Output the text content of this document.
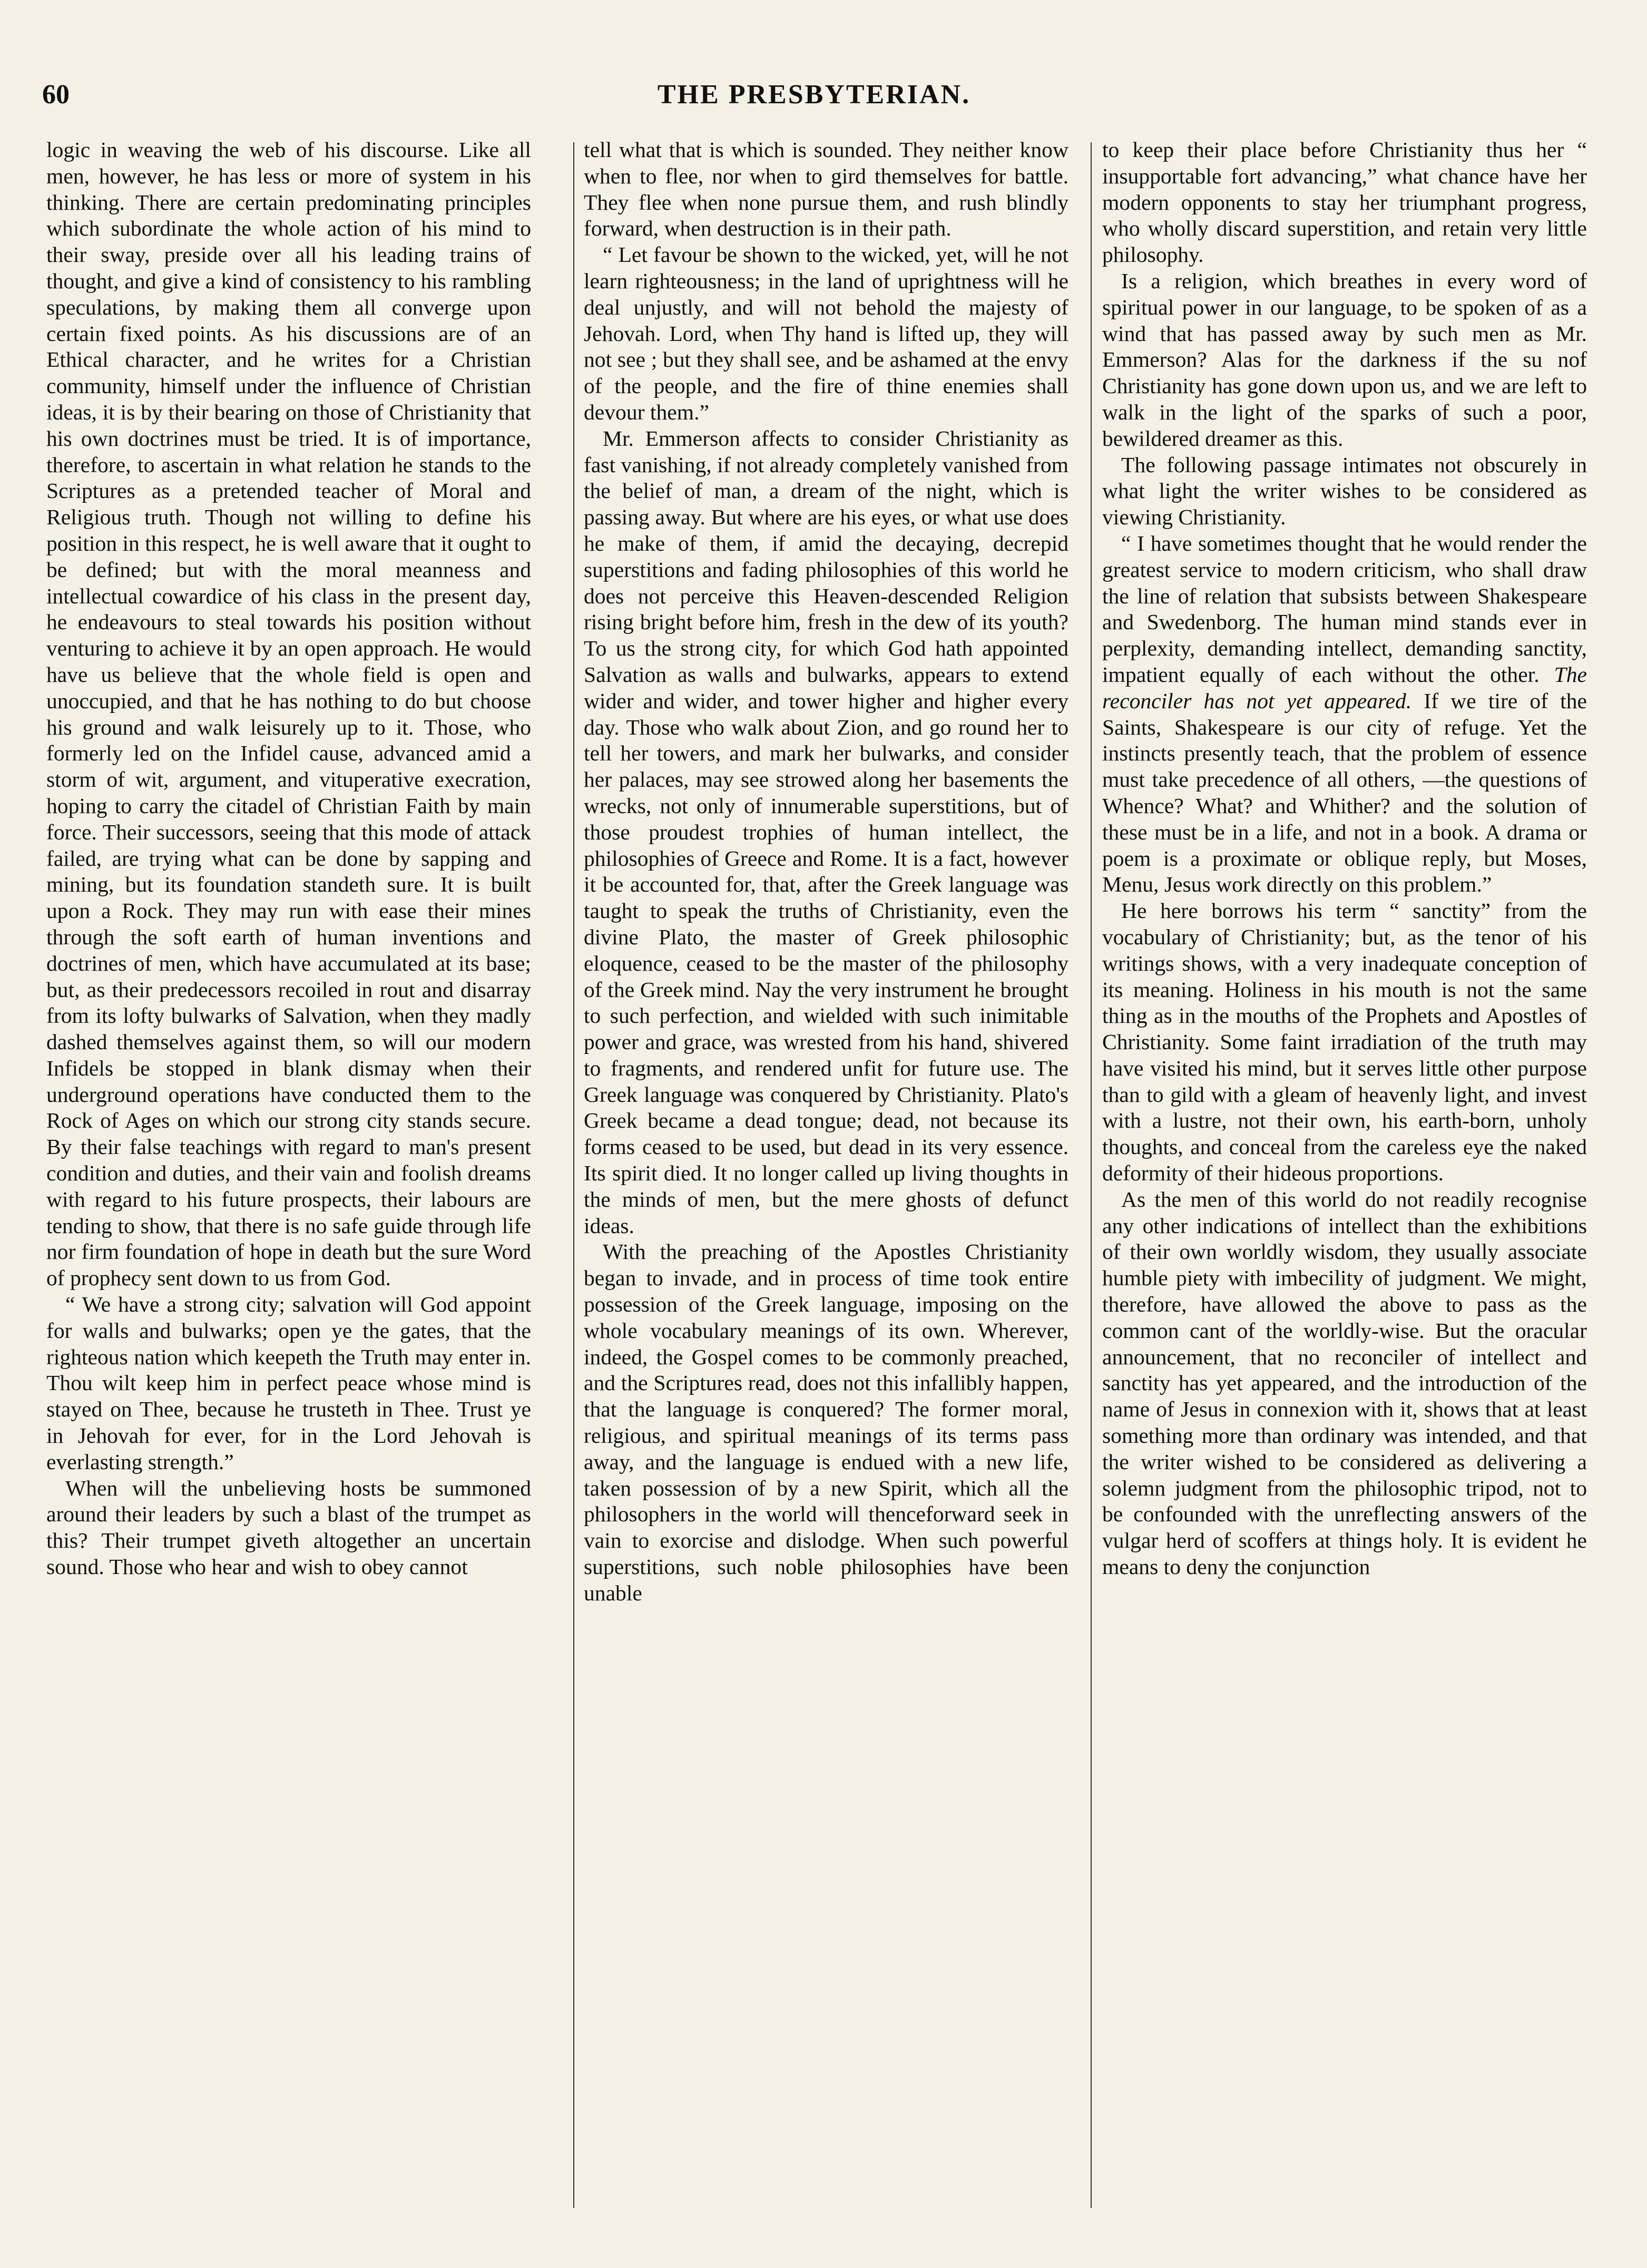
60	THE PRESBYTERIAN.

logic in weaving the web of his discourse. Like all men, however, he has less or more of system in his thinking. There are certain predominating principles which subordinate the whole action of his mind to their sway, preside over all his leading trains of thought, and give a kind of consistency to his rambling speculations, by making them all converge upon certain fixed points. As his discussions are of an Ethical character, and he writes for a Christian community, himself under the influence of Christian ideas, it is by their bearing on those of Christianity that his own doctrines must be tried. It is of importance, therefore, to ascertain in what relation he stands to the Scriptures as a pretended teacher of Moral and Religious truth. Though not willing to define his position in this respect, he is well aware that it ought to be defined; but with the moral meanness and intellectual cowardice of his class in the present day, he endeavours to steal towards his position without venturing to achieve it by an open approach. He would have us believe that the whole field is open and unoccupied, and that he has nothing to do but choose his ground and walk leisurely up to it. Those, who formerly led on the Infidel cause, advanced amid a storm of wit, argument, and vituperative execration, hoping to carry the citadel of Christian Faith by main force. Their successors, seeing that this mode of attack failed, are trying what can be done by sapping and mining, but its foundation standeth sure. It is built upon a Rock. They may run with ease their mines through the soft earth of human inventions and doctrines of men, which have accumulated at its base; but, as their predecessors recoiled in rout and disarray from its lofty bulwarks of Salvation, when they madly dashed themselves against them, so will our modern Infidels be stopped in blank dismay when their underground operations have conducted them to the Rock of Ages on which our strong city stands secure. By their false teachings with regard to man's present condition and duties, and their vain and foolish dreams with regard to his future prospects, their labours are tending to show, that there is no safe guide through life nor firm foundation of hope in death but the sure Word of prophecy sent down to us from God.

“ We have a strong city; salvation will God appoint for walls and bulwarks; open ye the gates, that the righteous nation which keepeth the Truth may enter in. Thou wilt keep him in perfect peace whose mind is stayed on Thee, because he trusteth in Thee. Trust ye in Jehovah for ever, for in the Lord Jehovah is everlasting strength.”

When will the unbelieving hosts be summoned around their leaders by such a blast of the trumpet as this? Their trumpet giveth altogether an uncertain sound. Those who hear and wish to obey cannot

tell what that is which is sounded. They neither know when to flee, nor when to gird themselves for battle. They flee when none pursue them, and rush blindly forward, when destruction is in their path.

“ Let favour be shown to the wicked, yet, will he not learn righteousness; in the land of uprightness will he deal unjustly, and will not behold the majesty of Jehovah. Lord, when Thy hand is lifted up, they will not see ; but they shall see, and be ashamed at the envy of the people, and the fire of thine enemies shall devour them.”

Mr. Emmerson affects to consider Christianity as fast vanishing, if not already completely vanished from the belief of man, a dream of the night, which is passing away. But where are his eyes, or what use does he make of them, if amid the decaying, decrepid superstitions and fading philosophies of this world he does not perceive this Heaven-descended Religion rising bright before him, fresh in the dew of its youth? To us the strong city, for which God hath appointed Salvation as walls and bulwarks, appears to extend wider and wider, and tower higher and higher every day. Those who walk about Zion, and go round her to tell her towers, and mark her bulwarks, and consider her palaces, may see strowed along her basements the wrecks, not only of innumerable superstitions, but of those proudest trophies of human intellect, the philosophies of Greece and Rome. It is a fact, however it be accounted for, that, after the Greek language was taught to speak the truths of Christianity, even the divine Plato, the master of Greek philosophic eloquence, ceased to be the master of the philosophy of the Greek mind. Nay the very instrument he brought to such perfection, and wielded with such inimitable power and grace, was wrested from his hand, shivered to fragments, and rendered unfit for future use. The Greek language was conquered by Christianity. Plato's Greek became a dead tongue; dead, not because its forms ceased to be used, but dead in its very essence. Its spirit died. It no longer called up living thoughts in the minds of men, but the mere ghosts of defunct ideas.

With the preaching of the Apostles Christianity began to invade, and in process of time took entire possession of the Greek language, imposing on the whole vocabulary meanings of its own. Wherever, indeed, the Gospel comes to be commonly preached, and the Scriptures read, does not this infallibly happen, that the language is conquered? The former moral, religious, and spiritual meanings of its terms pass away, and the language is endued with a new life, taken possession of by a new Spirit, which all the philosophers in the world will thenceforward seek in vain to exorcise and dislodge. When such powerful superstitions, such noble philosophies have been unable

to keep their place before Christianity thus her “ insupportable fort advancing,” what chance have her modern opponents to stay her triumphant progress, who wholly discard superstition, and retain very little philosophy.

Is a religion, which breathes in every word of spiritual power in our language, to be spoken of as a wind that has passed away by such men as Mr. Emmerson? Alas for the darkness if the su nof Christianity has gone down upon us, and we are left to walk in the light of the sparks of such a poor, bewildered dreamer as this.

The following passage intimates not obscurely in what light the writer wishes to be considered as viewing Christianity.

“ I have sometimes thought that he would render the greatest service to modern criticism, who shall draw the line of relation that subsists between Shakespeare and Swedenborg. The human mind stands ever in perplexity, demanding intellect, demanding sanctity, impatient equally of each without the other. The reconciler has not yet appeared. If we tire of the Saints, Shakespeare is our city of refuge. Yet the instincts presently teach, that the problem of essence must take precedence of all others, —the questions of Whence? What? and Whither? and the solution of these must be in a life, and not in a book. A drama or poem is a proximate or oblique reply, but Moses, Menu, Jesus work directly on this problem.”

He here borrows his term “ sanctity” from the vocabulary of Christianity; but, as the tenor of his writings shows, with a very inadequate conception of its meaning. Holiness in his mouth is not the same thing as in the mouths of the Prophets and Apostles of Christianity. Some faint irradiation of the truth may have visited his mind, but it serves little other purpose than to gild with a gleam of heavenly light, and invest with a lustre, not their own, his earth-born, unholy thoughts, and conceal from the careless eye the naked deformity of their hideous proportions.

As the men of this world do not readily recognise any other indications of intellect than the exhibitions of their own worldly wisdom, they usually associate humble piety with imbecility of judgment. We might, therefore, have allowed the above to pass as the common cant of the worldly-wise. But the oracular announcement, that no reconciler of intellect and sanctity has yet appeared, and the introduction of the name of Jesus in connexion with it, shows that at least something more than ordinary was intended, and that the writer wished to be considered as delivering a solemn judgment from the philosophic tripod, not to be confounded with the unreflecting answers of the vulgar herd of scoffers at things holy. It is evident he means to deny the conjunction
